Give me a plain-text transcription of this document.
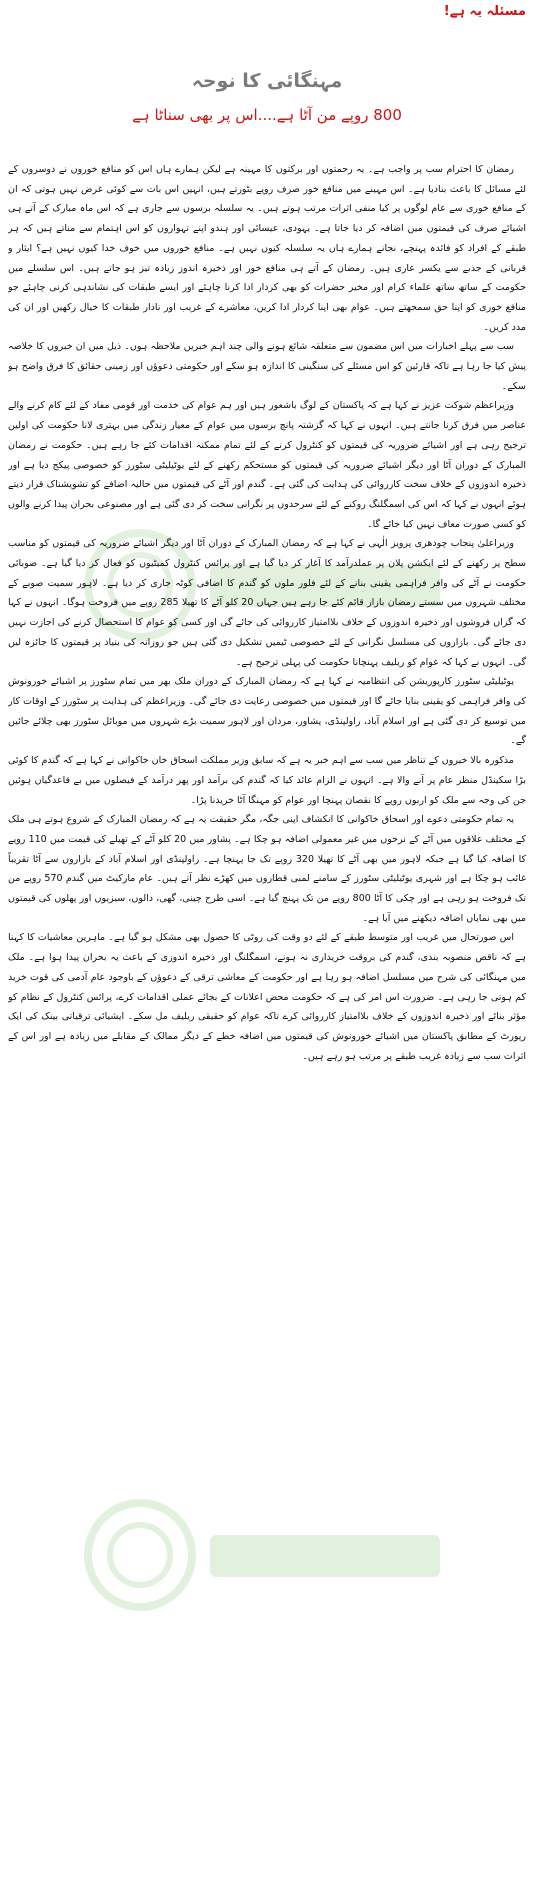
مسئلہ یہ ہے!
مہنگائی کا نوحہ
800 روپے من آٹا ہے....اس پر بھی سناٹا ہے

رمضان کا احترام سب پر واجب ہے۔ یہ رحمتوں اور برکتوں کا مہینہ ہے لیکن ہمارے ہاں اس کو منافع خوروں نے دوسروں کے لئے مسائل کا باعث بنادیا ہے۔ اس مہینے میں منافع خور صرف روپے بٹورتے ہیں، انہیں اس بات سے کوئی غرض نہیں ہوتی کہ ان کے منافع خوری سے عام لوگوں پر کیا منفی اثرات مرتب ہوتے ہیں۔ یہ سلسلہ برسوں سے جاری ہے کہ اس ماہ مبارک کے آتے ہی اشیائے صرف کی قیمتوں میں اضافہ کر دیا جاتا ہے۔ یہودی، عیسائی اور ہندو اپنے تہواروں کو اس اہتمام سے مناتے ہیں کہ ہر طبقے کے افراد کو فائدہ پہنچے، نجانے ہمارے ہاں یہ سلسلہ کیوں نہیں ہے۔ منافع خوروں میں خوف خدا کیوں نہیں ہے؟ ایثار و قربانی کے جذبے سے یکسر عاری ہیں۔ رمضان کے آتے ہی منافع خور اور ذخیرہ اندوز زیادہ تیز ہو جاتے ہیں۔ اس سلسلے میں حکومت کے ساتھ ساتھ علماء کرام اور مخیر حضرات کو بھی کردار ادا کرنا چاہئے اور ایسے طبقات کی نشاندہی کرنی چاہئے جو منافع خوری کو اپنا حق سمجھتے ہیں۔ عوام بھی اپنا کردار ادا کریں، معاشرے کے غریب اور نادار طبقات کا خیال رکھیں اور ان کی مدد کریں۔

سب سے پہلے اخبارات میں اس مضمون سے متعلقہ شائع ہونے والی چند اہم خبریں ملاحظہ ہوں۔ ذیل میں ان خبروں کا خلاصہ پیش کیا جا رہا ہے تاکہ قارئین کو اس مسئلے کی سنگینی کا اندازہ ہو سکے اور حکومتی دعوؤں اور زمینی حقائق کا فرق واضح ہو سکے۔

وزیراعظم شوکت عزیز نے کہا ہے کہ پاکستان کے لوگ باشعور ہیں اور ہم عوام کی خدمت اور قومی مفاد کے لئے کام کرنے والے عناصر میں فرق کرنا جانتے ہیں۔ انہوں نے کہا کہ گزشتہ پانچ برسوں میں عوام کے معیار زندگی میں بہتری لانا حکومت کی اولین ترجیح رہی ہے اور اشیائے ضروریہ کی قیمتوں کو کنٹرول کرنے کے لئے تمام ممکنہ اقدامات کئے جا رہے ہیں۔ حکومت نے رمضان المبارک کے دوران آٹا اور دیگر اشیائے ضروریہ کی قیمتوں کو مستحکم رکھنے کے لئے یوٹیلیٹی سٹورز کو خصوصی پیکج دیا ہے اور ذخیرہ اندوزوں کے خلاف سخت کارروائی کی ہدایت کی گئی ہے۔ گندم اور آٹے کی قیمتوں میں حالیہ اضافے کو تشویشناک قرار دیتے ہوئے انہوں نے کہا کہ اس کی اسمگلنگ روکنے کے لئے سرحدوں پر نگرانی سخت کر دی گئی ہے اور مصنوعی بحران پیدا کرنے والوں کو کسی صورت معاف نہیں کیا جائے گا۔

وزیراعلیٰ پنجاب چودھری پرویز الٰہی نے کہا ہے کہ رمضان المبارک کے دوران آٹا اور دیگر اشیائے ضروریہ کی قیمتوں کو مناسب سطح پر رکھنے کے لئے ایکشن پلان پر عملدرآمد کا آغاز کر دیا گیا ہے اور پرائس کنٹرول کمیٹیوں کو فعال کر دیا گیا ہے۔ صوبائی حکومت نے آٹے کی وافر فراہمی یقینی بنانے کے لئے فلور ملوں کو گندم کا اضافی کوٹہ جاری کر دیا ہے۔ لاہور سمیت صوبے کے مختلف شہروں میں سستے رمضان بازار قائم کئے جا رہے ہیں جہاں 20 کلو آٹے کا تھیلا 285 روپے میں فروخت ہوگا۔ انہوں نے کہا کہ گراں فروشوں اور ذخیرہ اندوزوں کے خلاف بلاامتیاز کارروائی کی جائے گی اور کسی کو عوام کا استحصال کرنے کی اجازت نہیں دی جائے گی۔ بازاروں کی مسلسل نگرانی کے لئے خصوصی ٹیمیں تشکیل دی گئی ہیں جو روزانہ کی بنیاد پر قیمتوں کا جائزہ لیں گی۔ انہوں نے کہا کہ عوام کو ریلیف پہنچانا حکومت کی پہلی ترجیح ہے۔

یوٹیلیٹی سٹورز کارپوریشن کی انتظامیہ نے کہا ہے کہ رمضان المبارک کے دوران ملک بھر میں تمام سٹورز پر اشیائے خورونوش کی وافر فراہمی کو یقینی بنایا جائے گا اور قیمتوں میں خصوصی رعایت دی جائے گی۔ وزیراعظم کی ہدایت پر سٹورز کے اوقات کار میں توسیع کر دی گئی ہے اور اسلام آباد، راولپنڈی، پشاور، مردان اور لاہور سمیت بڑے شہروں میں موبائل سٹورز بھی چلائے جائیں گے۔

مذکورہ بالا خبروں کے تناظر میں سب سے اہم خبر یہ ہے کہ سابق وزیر مملکت اسحاق خان خاکوانی نے کہا ہے کہ گندم کا کوئی بڑا سکینڈل منظر عام پر آنے والا ہے۔ انہوں نے الزام عائد کیا کہ گندم کی برآمد اور پھر درآمد کے فیصلوں میں بے قاعدگیاں ہوئیں جن کی وجہ سے ملک کو اربوں روپے کا نقصان پہنچا اور عوام کو مہنگا آٹا خریدنا پڑا۔

یہ تمام حکومتی دعوے اور اسحاق خاکوانی کا انکشاف اپنی جگہ، مگر حقیقت یہ ہے کہ رمضان المبارک کے شروع ہوتے ہی ملک کے مختلف علاقوں میں آٹے کے نرخوں میں غیر معمولی اضافہ ہو چکا ہے۔ پشاور میں 20 کلو آٹے کے تھیلے کی قیمت میں 110 روپے کا اضافہ کیا گیا ہے جبکہ لاہور میں بھی آٹے کا تھیلا 320 روپے تک جا پہنچا ہے۔ راولپنڈی اور اسلام آباد کے بازاروں سے آٹا تقریباً غائب ہو چکا ہے اور شہری یوٹیلیٹی سٹورز کے سامنے لمبی قطاروں میں کھڑے نظر آتے ہیں۔ عام مارکیٹ میں گندم 570 روپے من تک فروخت ہو رہی ہے اور چکی کا آٹا 800 روپے من تک پہنچ گیا ہے۔ اسی طرح چینی، گھی، دالوں، سبزیوں اور پھلوں کی قیمتوں میں بھی نمایاں اضافہ دیکھنے میں آیا ہے۔

اس صورتحال میں غریب اور متوسط طبقے کے لئے دو وقت کی روٹی کا حصول بھی مشکل ہو گیا ہے۔ ماہرین معاشیات کا کہنا ہے کہ ناقص منصوبہ بندی، گندم کی بروقت خریداری نہ ہونے، اسمگلنگ اور ذخیرہ اندوزی کے باعث یہ بحران پیدا ہوا ہے۔ ملک میں مہنگائی کی شرح میں مسلسل اضافہ ہو رہا ہے اور حکومت کے معاشی ترقی کے دعوؤں کے باوجود عام آدمی کی قوت خرید کم ہوتی جا رہی ہے۔ ضرورت اس امر کی ہے کہ حکومت محض اعلانات کے بجائے عملی اقدامات کرے، پرائس کنٹرول کے نظام کو مؤثر بنائے اور ذخیرہ اندوزوں کے خلاف بلاامتیاز کارروائی کرے تاکہ عوام کو حقیقی ریلیف مل سکے۔ ایشیائی ترقیاتی بینک کی ایک رپورٹ کے مطابق پاکستان میں اشیائے خورونوش کی قیمتوں میں اضافہ خطے کے دیگر ممالک کے مقابلے میں زیادہ ہے اور اس کے اثرات سب سے زیادہ غریب طبقے پر مرتب ہو رہے ہیں۔
